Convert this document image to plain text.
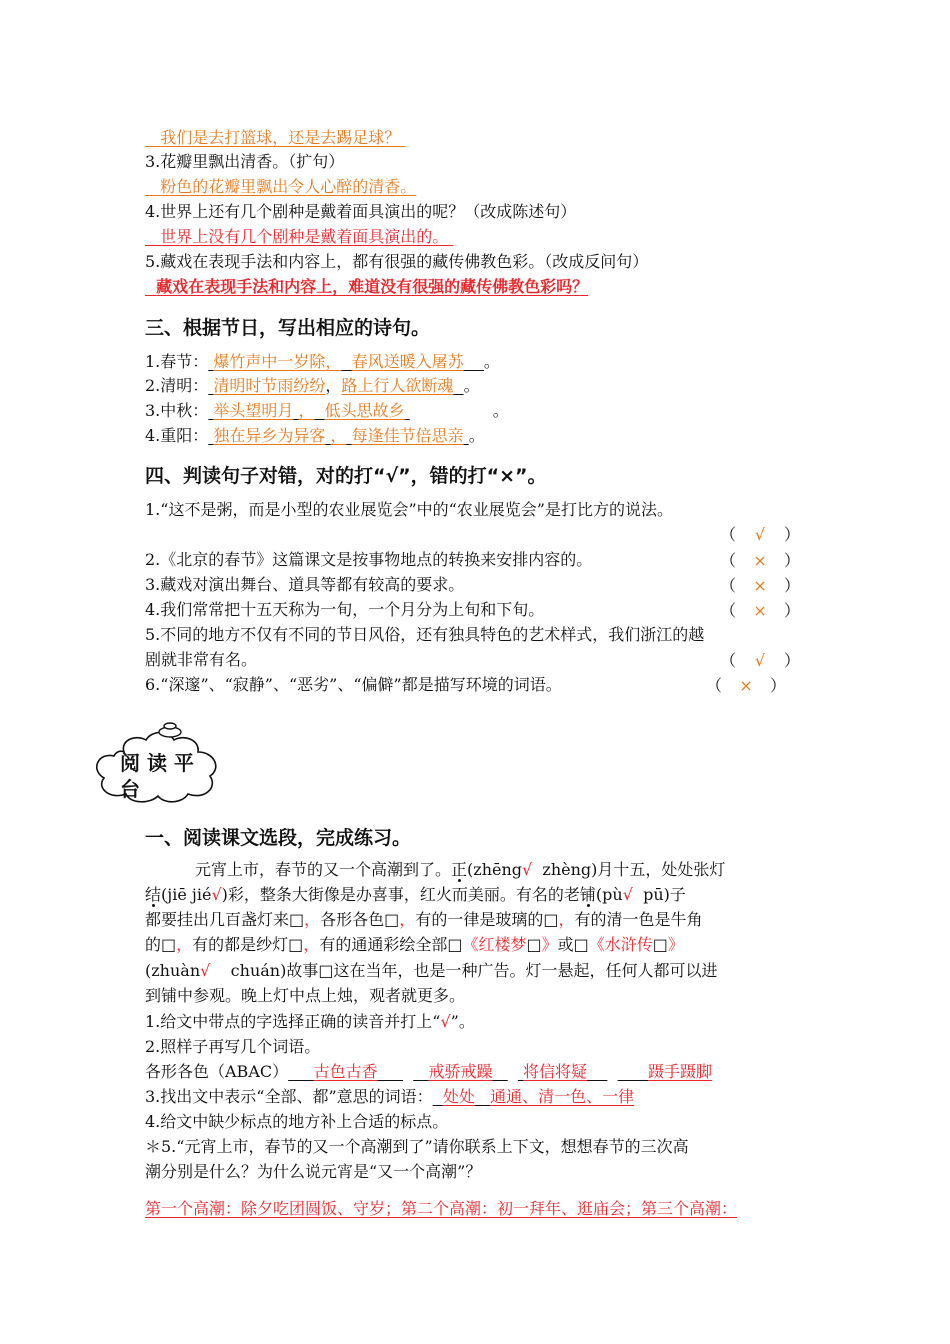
我们是去打篮球，还是去踢足球？
3.花瓣里飘出清香。（扩句）
粉色的花瓣里飘出令人心醉的清香。
4.世界上还有几个剧种是戴着面具演出的呢？（改成陈述句）
世界上没有几个剧种是戴着面具演出的。
5.藏戏在表现手法和内容上，都有很强的藏传佛教色彩。（改成反问句）
藏戏在表现手法和内容上，难道没有很强的藏传佛教色彩吗？
三、根据节日，写出相应的诗句。
1.春节： 爆竹声中一岁除， 春风送暖入屠苏 。
2.清明： 清明时节雨纷纷，路上行人欲断魂 。
3.中秋： 举头望明月 ， 低头思故乡	。
4.重阳： 独在异乡为异客 ， 每逢佳节倍思亲 。
四、判读句子对错，对的打“√”，错的打“×”。
1.“这不是粥，而是小型的农业展览会”中的“农业展览会”是打比方的说法。
（ √ ）
2.《北京的春节》这篇课文是按事物地点的转换来安排内容的。	（ × ）
3.藏戏对演出舞台、道具等都有较高的要求。	（ × ）
4.我们常常把十五天称为一旬，一个月分为上旬和下旬。	（ × ）
5.不同的地方不仅有不同的节日风俗，还有独具特色的艺术样式，我们浙江的越
剧就非常有名。	（ √ ）
6.“深邃”、“寂静”、“恶劣”、“偏僻”都是描写环境的词语。	（ × ）
阅 读 平
台
一、阅读课文选段，完成练习。
元宵上市，春节的又一个高潮到了。正(zhēng√ zhèng)月十五，处处张灯
结(jiē jié√)彩，整条大街像是办喜事，红火而美丽。有名的老铺(pù√ pū)子
都要挂出几百盏灯来□，各形各色□，有的一律是玻璃的□，有的清一色是牛角
的□，有的都是纱灯□，有的通通彩绘全部□《红楼梦□》或□《水浒传□》
(zhuàn√ chuán)故事□这在当年，也是一种广告。灯一悬起，任何人都可以进
到铺中参观。晚上灯中点上烛，观者就更多。
1.给文中带点的字选择正确的读音并打上“√”。
2.照样子再写几个词语。
各形各色（ABAC） 古色古香	戒骄戒躁 将信将疑	蹑手蹑脚
3.找出文中表示“全部、都”意思的词语： 处处 通通、清一色、一律
4.给文中缺少标点的地方补上合适的标点。
＊5.“元宵上市，春节的又一个高潮到了”请你联系上下文，想想春节的三次高
潮分别是什么？为什么说元宵是“又一个高潮”？
第一个高潮：除夕吃团圆饭、守岁；第二个高潮：初一拜年、逛庙会；第三个高潮：
